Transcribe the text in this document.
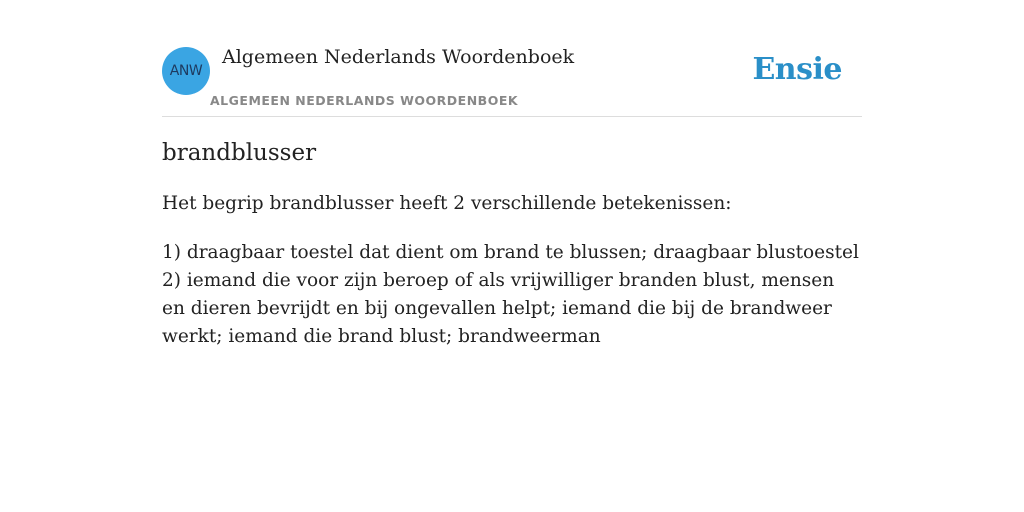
ANW
Algemeen Nederlands Woordenboek
ALGEMEEN NEDERLANDS WOORDENBOEK
Ensie
brandblusser

Het begrip brandblusser heeft 2 verschillende betekenissen:

1) draagbaar toestel dat dient om brand te blussen; draagbaar blustoestel
2) iemand die voor zijn beroep of als vrijwilliger branden blust, mensen en dieren bevrijdt en bij ongevallen helpt; iemand die bij de brandweer werkt; iemand die brand blust; brandweerman
